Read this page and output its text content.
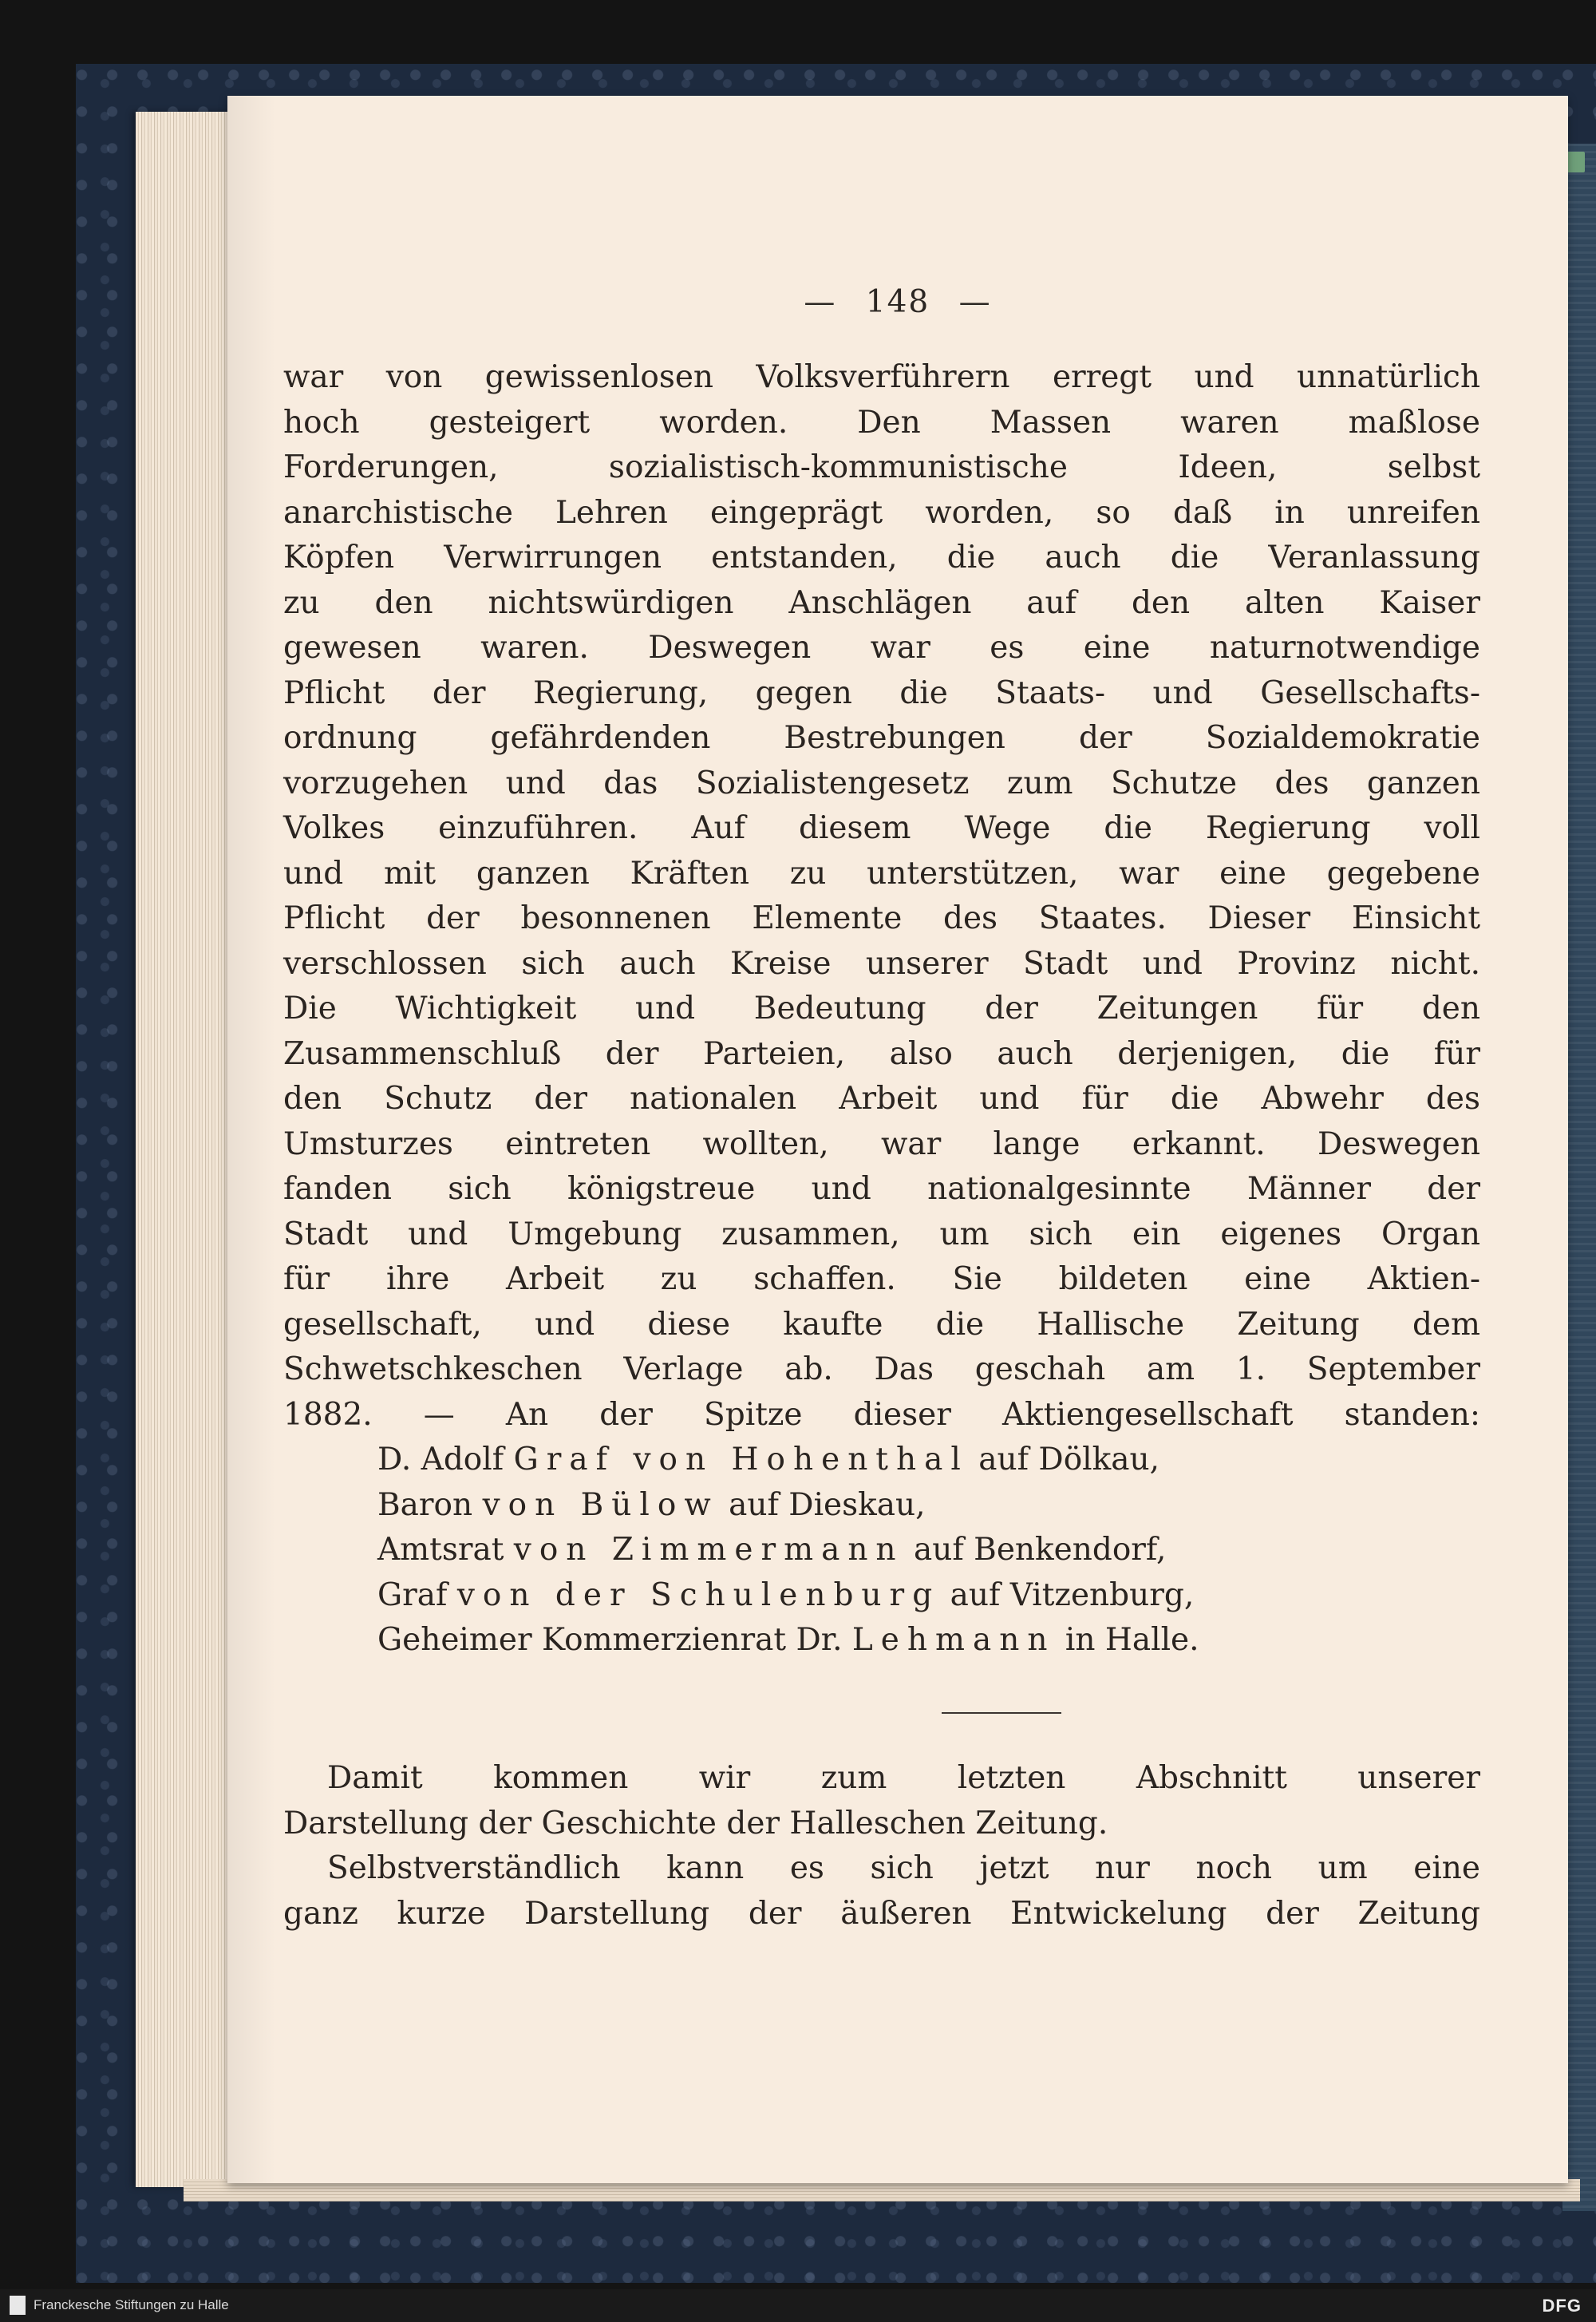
— 148 —
war von gewissenlosen Volksverführern erregt und unnatürlich
hoch gesteigert worden. Den Massen waren maßlose
Forderungen, sozialistisch-kommunistische Ideen, selbst
anarchistische Lehren eingeprägt worden, so daß in unreifen
Köpfen Verwirrungen entstanden, die auch die Veranlassung
zu den nichtswürdigen Anschlägen auf den alten Kaiser
gewesen waren. Deswegen war es eine naturnotwendige
Pflicht der Regierung, gegen die Staats- und Gesellschafts-
ordnung gefährdenden Bestrebungen der Sozialdemokratie
vorzugehen und das Sozialistengesetz zum Schutze des ganzen
Volkes einzuführen. Auf diesem Wege die Regierung voll
und mit ganzen Kräften zu unterstützen, war eine gegebene
Pflicht der besonnenen Elemente des Staates. Dieser Einsicht
verschlossen sich auch Kreise unserer Stadt und Provinz nicht.
Die Wichtigkeit und Bedeutung der Zeitungen für den
Zusammenschluß der Parteien, also auch derjenigen, die für
den Schutz der nationalen Arbeit und für die Abwehr des
Umsturzes eintreten wollten, war lange erkannt. Deswegen
fanden sich königstreue und nationalgesinnte Männer der
Stadt und Umgebung zusammen, um sich ein eigenes Organ
für ihre Arbeit zu schaffen. Sie bildeten eine Aktien-
gesellschaft, und diese kaufte die Hallische Zeitung dem
Schwetschkeschen Verlage ab. Das geschah am 1. September
1882. — An der Spitze dieser Aktiengesellschaft standen:
D. Adolf Graf von Hohenthal auf Dölkau,
Baron von Bülow auf Dieskau,
Amtsrat von Zimmermann auf Benkendorf,
Graf von der Schulenburg auf Vitzenburg,
Geheimer Kommerzienrat Dr. Lehmann in Halle.
Damit kommen wir zum letzten Abschnitt unserer
Darstellung der Geschichte der Halleschen Zeitung.
Selbstverständlich kann es sich jetzt nur noch um eine
ganz kurze Darstellung der äußeren Entwickelung der Zeitung
Franckesche Stiftungen zu Halle	DFG
